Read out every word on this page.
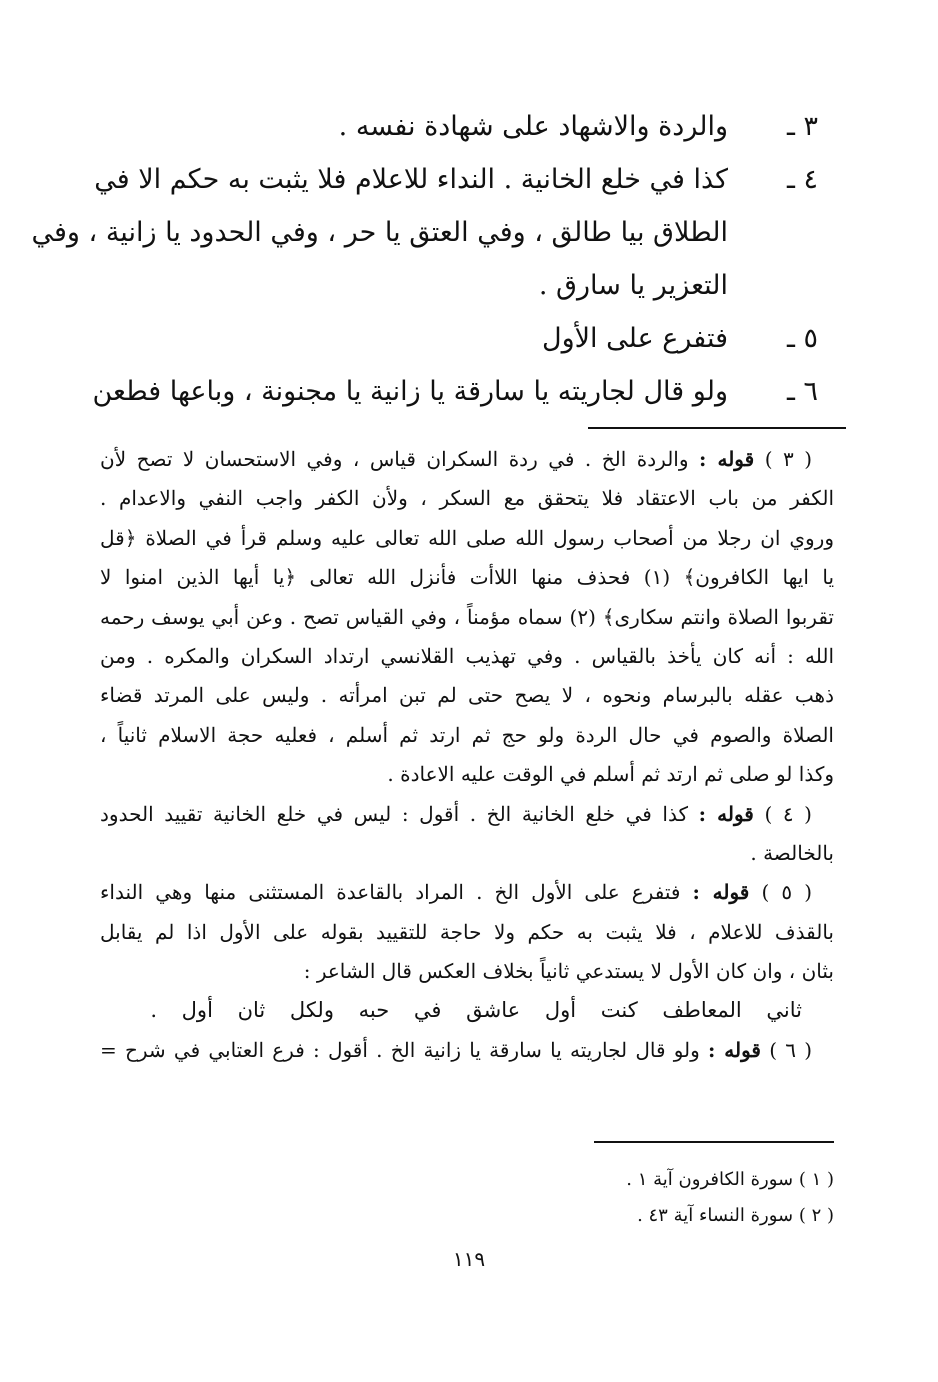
٣ ـ
والردة والاشهاد على شهادة نفسه .
٤ ـ
كذا في خلع الخانية . النداء للاعلام فلا يثبت به حكم الا في
الطلاق بيا طالق ، وفي العتق يا حر ، وفي الحدود يا زانية ، وفي
التعزير يا سارق .
٥ ـ
فتفرع على الأول
٦ ـ
ولو قال لجاريته يا سارقة يا زانية يا مجنونة ، وباعها فطعن
( ٣ ) قوله : والردة الخ . في ردة السكران قياس ، وفي الاستحسان لا تصح لأن
الكفر من باب الاعتقاد فلا يتحقق مع السكر ، ولأن الكفر واجب النفي والاعدام .
وروي ان رجلا من أصحاب رسول الله صلى الله تعالى عليه وسلم قرأ في الصلاة ﴿قل
يا ايها الكافرون﴾ (١) فحذف منها اللاأت فأنزل الله تعالى ﴿يا أيها الذين امنوا لا
تقربوا الصلاة وانتم سكارى﴾ (٢) سماه مؤمناً ، وفي القياس تصح . وعن أبي يوسف رحمه
الله : أنه كان يأخذ بالقياس . وفي تهذيب القلانسي ارتداد السكران والمكره . ومن
ذهب عقله بالبرسام ونحوه ، لا يصح حتى لم تبن امرأته . وليس على المرتد قضاء
الصلاة والصوم في حال الردة ولو حج ثم ارتد ثم أسلم ، فعليه حجة الاسلام ثانياً ،
وكذا لو صلى ثم ارتد ثم أسلم في الوقت عليه الاعادة .
( ٤ ) قوله : كذا في خلع الخانية الخ . أقول : ليس في خلع الخانية تقييد الحدود
بالخالصة .
( ٥ ) قوله : فتفرع على الأول الخ . المراد بالقاعدة المستثنى منها وهي النداء
بالقذف للاعلام ، فلا يثبت به حكم ولا حاجة للتقييد بقوله على الأول اذا لم يقابل
بثان ، وان كان الأول لا يستدعي ثانياً بخلاف العكس قال الشاعر :
ثاني المعاطف كنت أول عاشق في حبه ولكل ثان أول .
( ٦ ) قوله : ولو قال لجاريته يا سارقة يا زانية الخ . أقول : فرع العتابي في شرح =
( ١ ) سورة الكافرون آية ١ .
( ٢ ) سورة النساء آية ٤٣ .
١١٩
